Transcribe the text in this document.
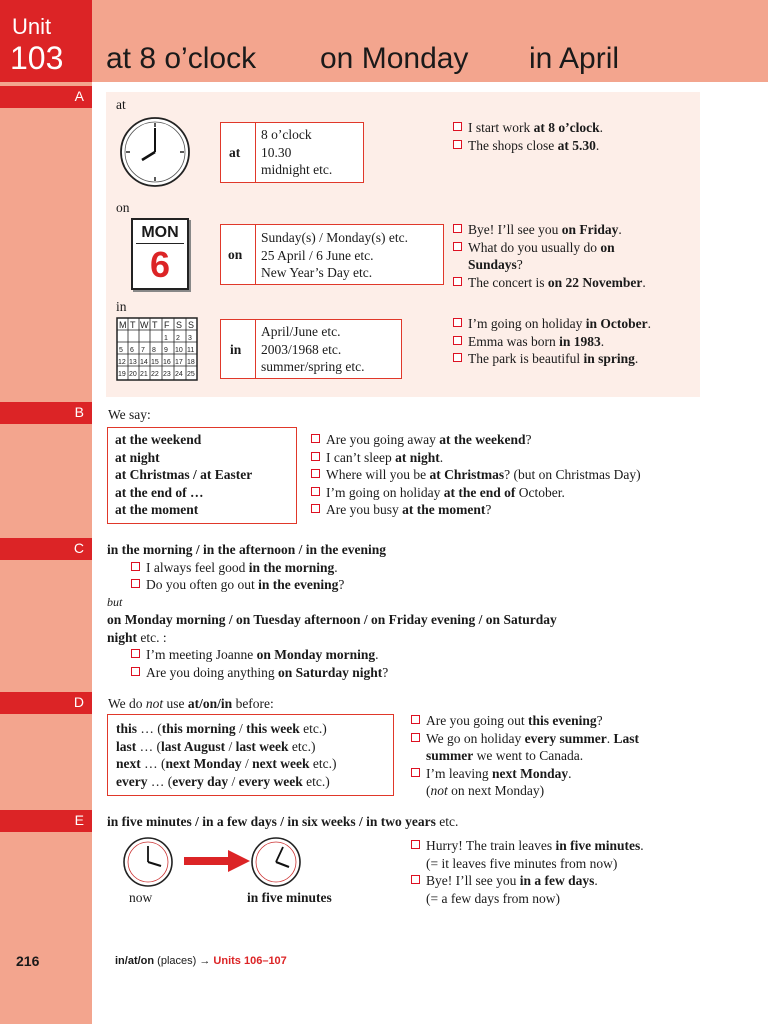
at 8 o’clock on Monday in April
Unit
103
A
at
at
8 o’clock
10.30
midnight etc.
I start work at 8 o’clock.
The shops close at 5.30.
on
MON
6	on
Sunday(s) / Monday(s) etc.
25 April / 6 June etc.
New Year’s Day etc.
Bye! I’ll see you on Friday.
What do you usually do on
Sundays?
The concert is on 22 November.
in
M T W T F S S
1 2 3
5 6 7 8 9 10 11
12 13 14 15 16 17 18
19 20 21 22 23 24 25
in
April/June etc.
2003/1968 etc.
summer/spring etc.
I’m going on holiday in October.
Emma was born in 1983.
The park is beautiful in spring.
B We say:
at the weekend
at night
at Christmas / at Easter
at the end of …
at the moment
Are you going away at the weekend?
I can’t sleep at night.
Where will you be at Christmas? (but on Christmas Day)
I’m going on holiday at the end of October.
Are you busy at the moment?
C in the morning / in the afternoon / in the evening
I always feel good in the morning.
Do you often go out in the evening?
but
on Monday morning / on Tuesday afternoon / on Friday evening / on Saturday
night etc. :
I’m meeting Joanne on Monday morning.
Are you doing anything on Saturday night?
D We do not use at/on/in before:
this … (this morning / this week etc.)
last … (last August / last week etc.)
next … (next Monday / next week etc.)
every … (every day / every week etc.)
Are you going out this evening?
We go on holiday every summer. Last
summer we went to Canada.
I’m leaving next Monday.
(not on next Monday)
E in five minutes / in a few days / in six weeks / in two years etc.
now	in five minutes
Hurry! The train leaves in five minutes.
(= it leaves five minutes from now)
Bye! I’ll see you in a few days.
(= a few days from now)
216	in/at/on (places) → Units 106–107
